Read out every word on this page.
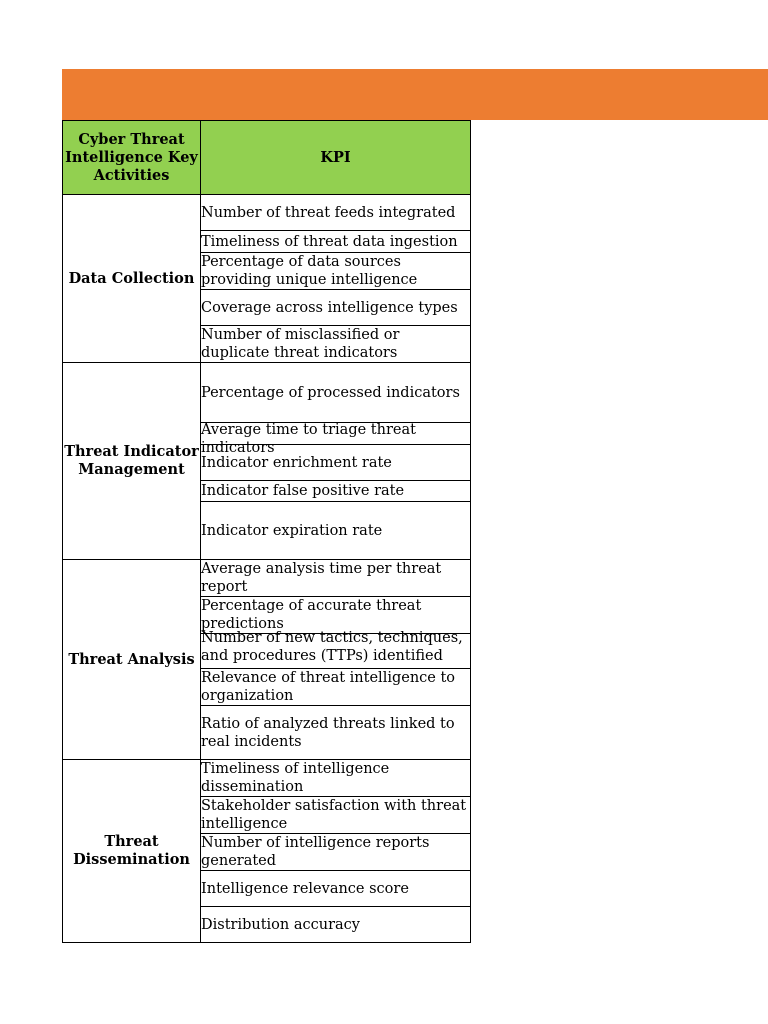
Cyber Threat Intelligence Key Activities	KPI
Data Collection	Number of threat feeds integrated
	Timeliness of threat data ingestion
	Percentage of data sources providing unique intelligence
	Coverage across intelligence types
	Number of misclassified or duplicate threat indicators
Threat Indicator Management	Percentage of processed indicators

	Average time to triage threat indicators

	Indicator enrichment rate
	Indicator false positive rate
	Indicator expiration rate
Threat Analysis	Average analysis time per threat report

	Percentage of accurate threat predictions

	Number of new tactics, techniques, and procedures (TTPs) identified

	Relevance of threat intelligence to organization
	Ratio of analyzed threats linked to real incidents
Threat Dissemination	Timeliness of intelligence dissemination
	Stakeholder satisfaction with threat intelligence
	Number of intelligence reports generated
	Intelligence relevance score
	Distribution accuracy
